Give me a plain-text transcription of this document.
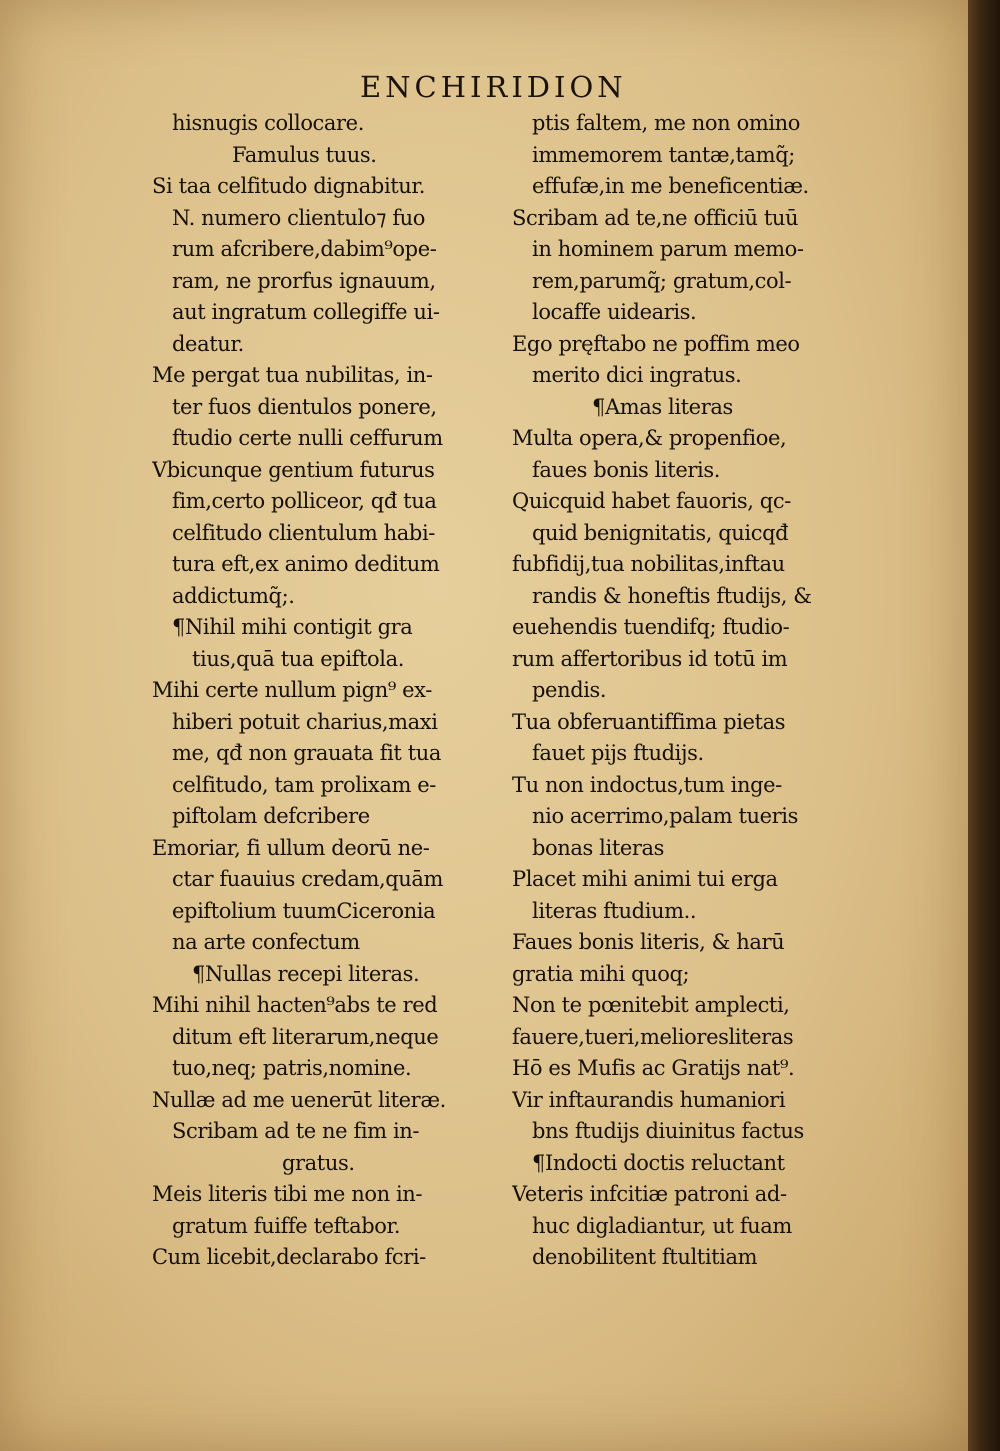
ENCHIRIDION
hisnugis collocare.
Famulus tuus.
Si taa celfitudo dignabitur.
N. numero clientulo⁊ fuo
rum afcribere,dabim⁹ope-
ram, ne prorfus ignauum,
aut ingratum collegiffe ui-
deatur.
Me pergat tua nubilitas, in-
ter fuos dientulos ponere,
ftudio certe nulli ceffurum
Vbicunque gentium futurus
fim,certo polliceor, qđ tua
celfitudo clientulum habi-
tura eft,ex animo deditum
addictumq̃;.
¶Nihil mihi contigit gra
tius,quā tua epiftola.
Mihi certe nullum pign⁹ ex-
hiberi potuit charius,maxi
me, qđ non grauata fit tua
celfitudo, tam prolixam e-
piftolam defcribere
Emoriar, fi ullum deorū ne-
ctar fuauius credam,quām
epiftolium tuumCiceronia
na arte confectum
¶Nullas recepi literas.
Mihi nihil hacten⁹abs te red
ditum eft literarum,neque
tuo,neq; patris,nomine.
Nullæ ad me uenerūt literæ.
Scribam ad te ne fim in-
gratus.
Meis literis tibi me non in-
gratum fuiffe teftabor.
Cum licebit,declarabo fcri-
ptis faltem, me non omino
immemorem tantæ,tamq̃;
effufæ,in me beneficentiæ.
Scribam ad te,ne officiū tuū
in hominem parum memo-
rem,parumq̃; gratum,col-
locaffe uidearis.
Ego pręftabo ne poffim meo
merito dici ingratus.
¶Amas literas
Multa opera,& propenfioe,
faues bonis literis.
Quicquid habet fauoris, qc-
quid benignitatis, quicqđ
fubfidij,tua nobilitas,inftau
randis & honeftis ftudijs, &
euehendis tuendifq; ftudio-
rum affertoribus id totū im
pendis.
Tua obferuantiffima pietas
fauet pijs ftudijs.
Tu non indoctus,tum inge-
nio acerrimo,palam tueris
bonas literas
Placet mihi animi tui erga
literas ftudium..
Faues bonis literis, & harū
gratia mihi quoq;
Non te pœnitebit amplecti,
fauere,tueri,melioresliteras
Hō es Mufis ac Gratijs nat⁹.
Vir inftaurandis humaniori
bns ftudijs diuinitus factus
¶Indocti doctis reluctant
Veteris infcitiæ patroni ad-
huc digladiantur, ut fuam
denobilitent ftultitiam
